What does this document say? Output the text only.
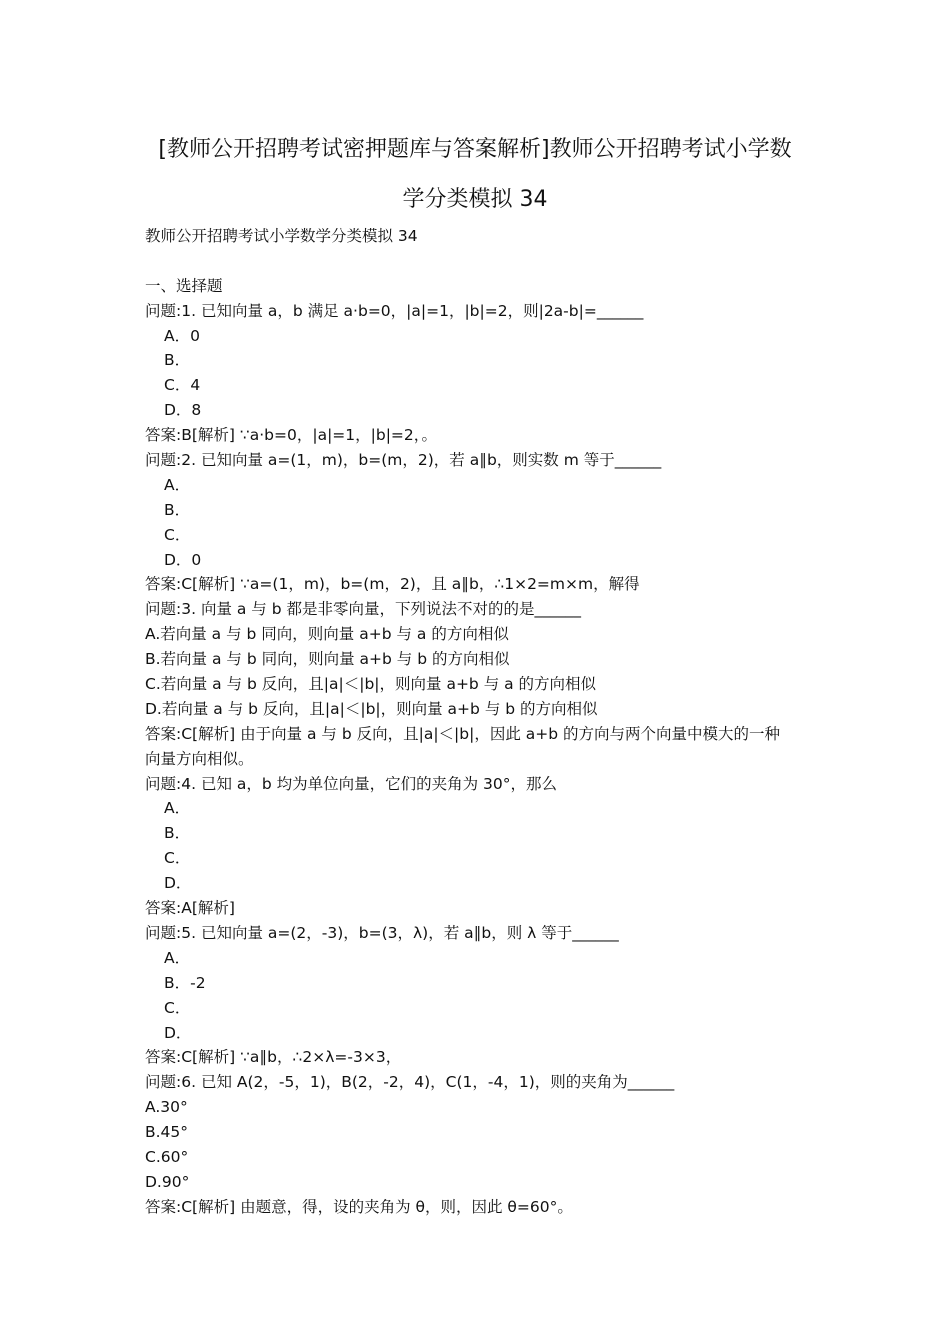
[教师公开招聘考试密押题库与答案解析]教师公开招聘考试小学数
学分类模拟 34
教师公开招聘考试小学数学分类模拟 34
一、选择题
问题:1. 已知向量 a，b 满足 a·b=0，|a|=1，|b|=2，则|2a-b|=______
A．0
B．
C．4
D．8
答案:B[解析] ∵a·b=0，|a|=1，|b|=2，。
问题:2. 已知向量 a=(1，m)，b=(m，2)，若 a∥b，则实数 m 等于______
A．
B．
C．
D．0
答案:C[解析] ∵a=(1，m)，b=(m，2)，且 a∥b，∴1×2=m×m，解得
问题:3. 向量 a 与 b 都是非零向量，下列说法不对的的是______
A.若向量 a 与 b 同向，则向量 a+b 与 a 的方向相似
B.若向量 a 与 b 同向，则向量 a+b 与 b 的方向相似
C.若向量 a 与 b 反向，且|a|＜|b|，则向量 a+b 与 a 的方向相似
D.若向量 a 与 b 反向，且|a|＜|b|，则向量 a+b 与 b 的方向相似
答案:C[解析] 由于向量 a 与 b 反向，且|a|＜|b|，因此 a+b 的方向与两个向量中模大的一种
向量方向相似。
问题:4. 已知 a，b 均为单位向量，它们的夹角为 30°，那么
A．
B．
C．
D．
答案:A[解析]
问题:5. 已知向量 a=(2，-3)，b=(3，λ)，若 a∥b，则 λ 等于______
A．
B．-2
C．
D．
答案:C[解析] ∵a∥b，∴2×λ=-3×3，
问题:6. 已知 A(2，-5，1)，B(2，-2，4)，C(1，-4，1)，则的夹角为______
A.30°
B.45°
C.60°
D.90°
答案:C[解析] 由题意，得，设的夹角为 θ，则，因此 θ=60°。
